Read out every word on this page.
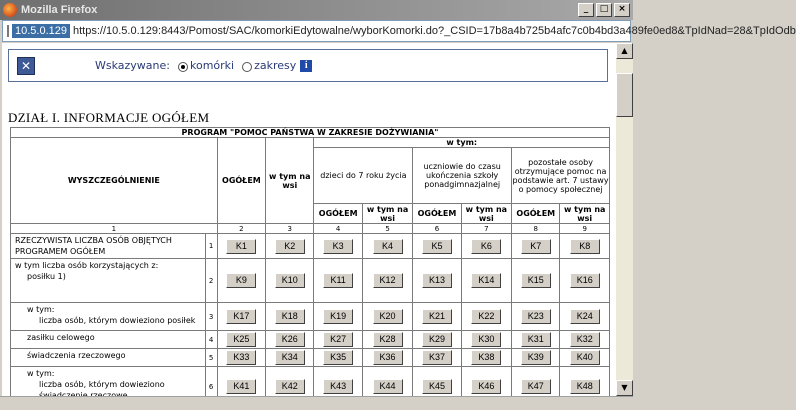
Mozilla Firefox	_	□	×
10.5.0.129 https://10.5.0.129:8443/Pomost/SAC/komorkiEdytowalne/wyborKomorki.do?_CSID=17b8a4b725b4afc7c0b4bd3a489fe0ed8&TpIdNad=28&TpIdOdb
✕	Wskazywane: komórki zakresy i
DZIAŁ I. INFORMACJE OGÓŁEM
PROGRAM "POMOC PAŃSTWA W ZAKRESIE DOŻYWIANIA"									
WYSZCZEGÓLNIENIE		OGÓŁEM	w tym na wsi	w tym:					
				dzieci do 7 roku życia		uczniowie do czasu ukończenia szkoły ponadgimnazjalnej		pozostałe osoby otrzymujące pomoc na podstawie art. 7 ustawy o pomocy społecznej	
				OGÓŁEM	w tym na wsi	OGÓŁEM	w tym na wsi	OGÓŁEM	w tym na wsi
1		2	3	4	5	6	7	8	9

RZECZYWISTA LICZBA OSÓB OBJĘTYCH PROGRAMEM OGÓŁEM	1	K1	K2	K3	K4	K5	K6	K7	K8

w tym liczba osób korzystających z:
posiłku 1)	2	K9	K10	K11	K12	K13	K14	K15	K16

w tym:
liczba osób, którym dowieziono posiłek	3	K17	K18	K19	K20	K21	K22	K23	K24

zasiłku celowego	4	K25	K26	K27	K28	K29	K30	K31	K32

świadczenia rzeczowego	5	K33	K34	K35	K36	K37	K38	K39	K40

w tym:
liczba osób, którym dowieziono	6	K41	K42	K43	K44	K45	K46	K47	K48
▲
▼
